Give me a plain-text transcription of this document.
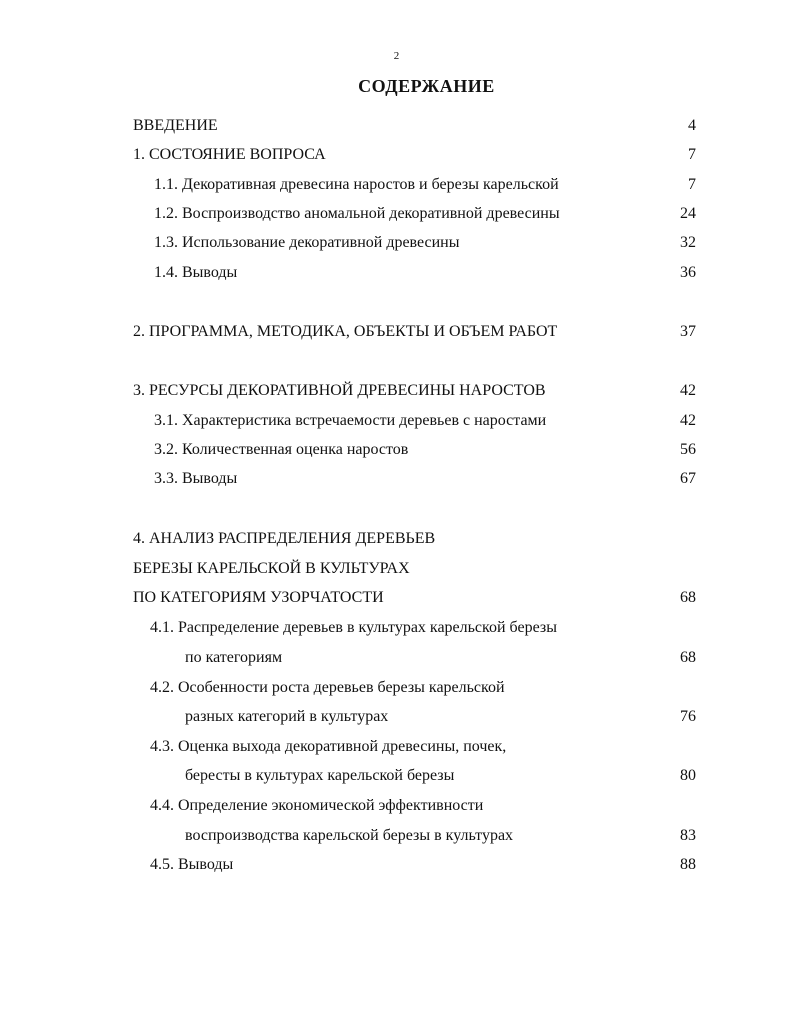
2
СОДЕРЖАНИЕ
ВВЕДЕНИЕ	4
1. СОСТОЯНИЕ ВОПРОСА	7
1.1. Декоративная древесина наростов и березы карельской	7
1.2. Воспроизводство аномальной декоративной древесины	24
1.3. Использование декоративной древесины	32
1.4. Выводы	36
2. ПРОГРАММА, МЕТОДИКА, ОБЪЕКТЫ И ОБЪЕМ РАБОТ	37
3. РЕСУРСЫ ДЕКОРАТИВНОЙ ДРЕВЕСИНЫ НАРОСТОВ	42
3.1. Характеристика встречаемости деревьев с наростами	42
3.2. Количественная оценка наростов	56
3.3. Выводы	67
4. АНАЛИЗ РАСПРЕДЕЛЕНИЯ ДЕРЕВЬЕВ
БЕРЕЗЫ КАРЕЛЬСКОЙ В КУЛЬТУРАХ
ПО КАТЕГОРИЯМ УЗОРЧАТОСТИ	68
4.1. Распределение деревьев в культурах карельской березы
по категориям	68
4.2. Особенности роста деревьев березы карельской
разных категорий в культурах	76
4.3. Оценка выхода декоративной древесины, почек,
бересты в культурах карельской березы	80
4.4. Определение экономической эффективности
воспроизводства карельской березы в культурах	83
4.5. Выводы	88
